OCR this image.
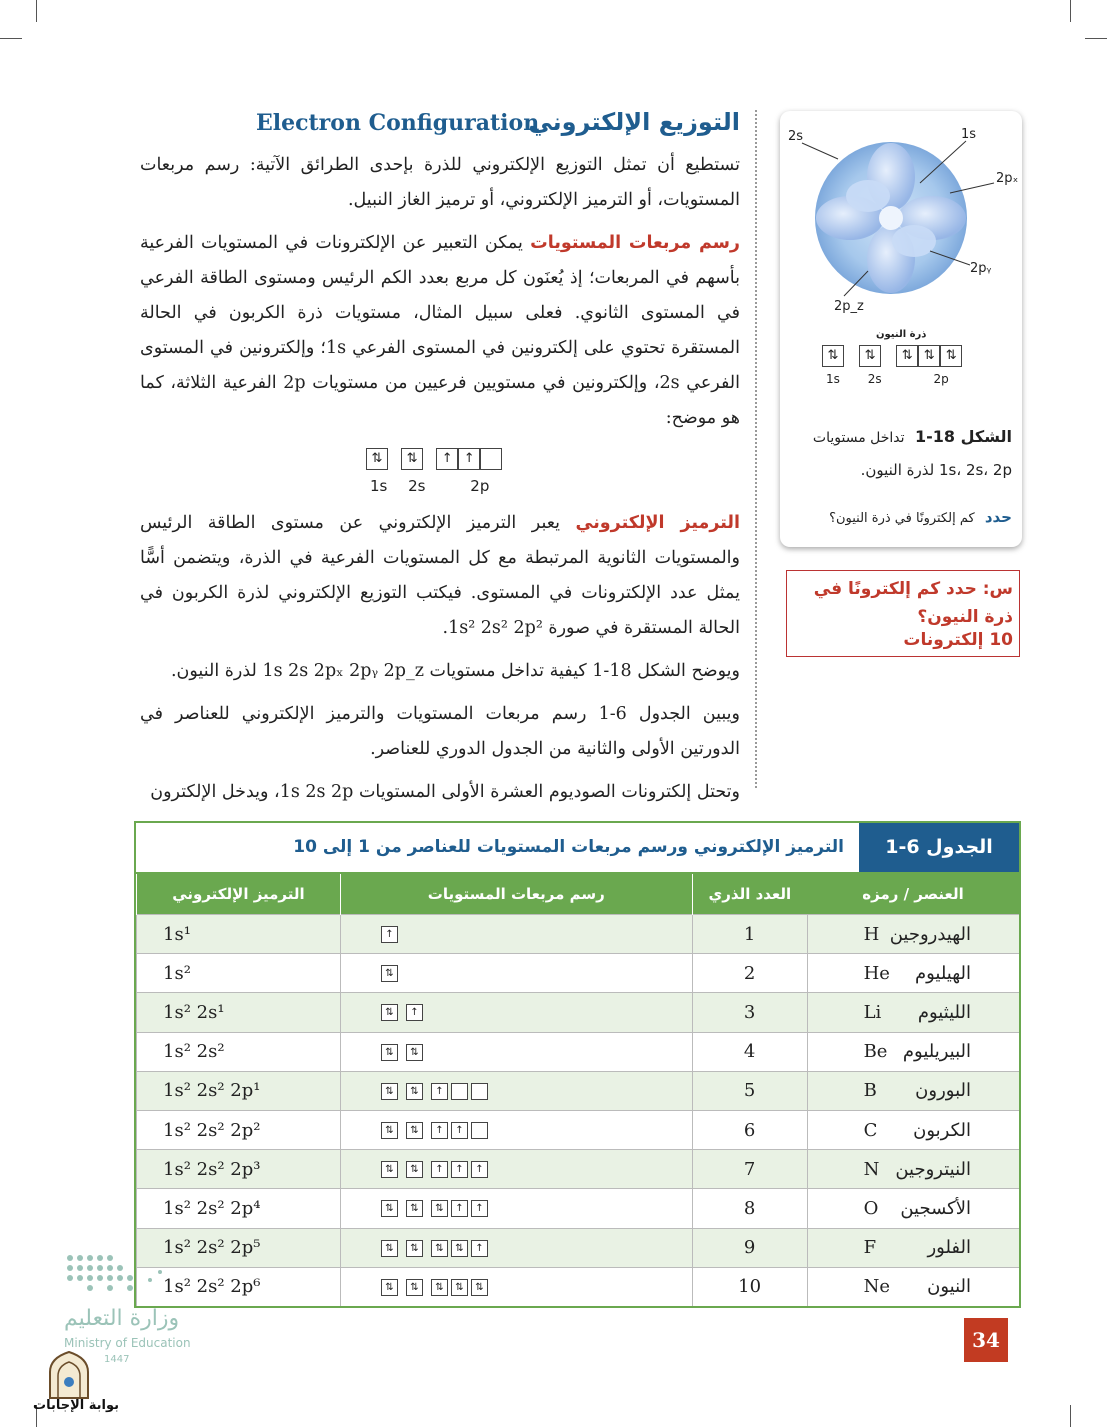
التوزيع الإلكتروني
Electron Configuration

تستطيع أن تمثل التوزيع الإلكتروني للذرة بإحدى الطرائق الآتية: رسم مربعات المستويات، أو الترميز الإلكتروني، أو ترميز الغاز النبيل.

رسم مربعات المستويات يمكن التعبير عن الإلكترونات في المستويات الفرعية بأسهم في المربعات؛ إذ يُعنَون كل مربع بعدد الكم الرئيس ومستوى الطاقة الفرعي في المستوى الثانوي. فعلى سبيل المثال، مستويات ذرة الكربون في الحالة المستقرة تحتوي على إلكترونين في المستوى الفرعي 1s؛ وإلكترونين في المستوى الفرعي 2s، وإلكترونين في مستويين فرعيين من مستويات 2p الفرعية الثلاثة، كما هو موضح:

⇅ ⇅ ↑ ↑
1s 2s	2p

الترميز الإلكتروني يعبر الترميز الإلكتروني عن مستوى الطاقة الرئيس والمستويات الثانوية المرتبطة مع كل المستويات الفرعية في الذرة، ويتضمن أسًّا يمثل عدد الإلكترونات في المستوى. فيكتب التوزيع الإلكتروني لذرة الكربون في الحالة المستقرة في صورة 1s² 2s² 2p².

ويوضح الشكل 18-1 كيفية تداخل مستويات 1s 2s 2pₓ 2pᵧ 2p_z لذرة النيون.

ويبين الجدول 6-1 رسم مربعات المستويات والترميز الإلكتروني للعناصر في الدورتين الأولى والثانية من الجدول الدوري للعناصر.

وتحتل إلكترونات الصوديوم العشرة الأولى المستويات 1s 2s 2p، ويدخل الإلكترون

2s	1s
2pₓ
2pᵧ
2p_z
ذرة النيون
⇅ ⇅ ⇅ ⇅ ⇅
1s 2s	2p
الشكل 18-1 تداخل مستويات
1s، 2s، 2p لذرة النيون.
حدد كم إلكترونًا في ذرة النيون؟
س: حدد كم إلكترونًا في ذرة النيون؟
10 إلكترونات
الجدول 6-1
الترميز الإلكتروني ورسم مربعات المستويات للعناصر من 1 إلى 10
الترميز الإلكتروني	رسم مربعات المستويات	العدد الذري	العنصر / رمزه
1s¹	↑	1	H الهيدروجين
1s²	⇅	2	He الهيليوم
1s² 2s¹	⇅ ↑	3	Li الليثيوم
1s² 2s²	⇅ ⇅	4	Be البيريليوم
1s² 2s² 2p¹	⇅ ⇅ ↑	5	B البورون
1s² 2s² 2p²	⇅ ⇅ ↑ ↑	6	C الكربون
1s² 2s² 2p³	⇅ ⇅ ↑ ↑ ↑	7	N النيتروجين
1s² 2s² 2p⁴	⇅ ⇅ ⇅ ↑ ↑	8	O الأكسجين
1s² 2s² 2p⁵	⇅ ⇅ ⇅ ⇅ ↑	9	F الفلور
1s² 2s² 2p⁶	⇅ ⇅ ⇅ ⇅ ⇅	10	Ne النيون
وزارة التعليم
Ministry of Education
1447
بوابة الإجابات
34
